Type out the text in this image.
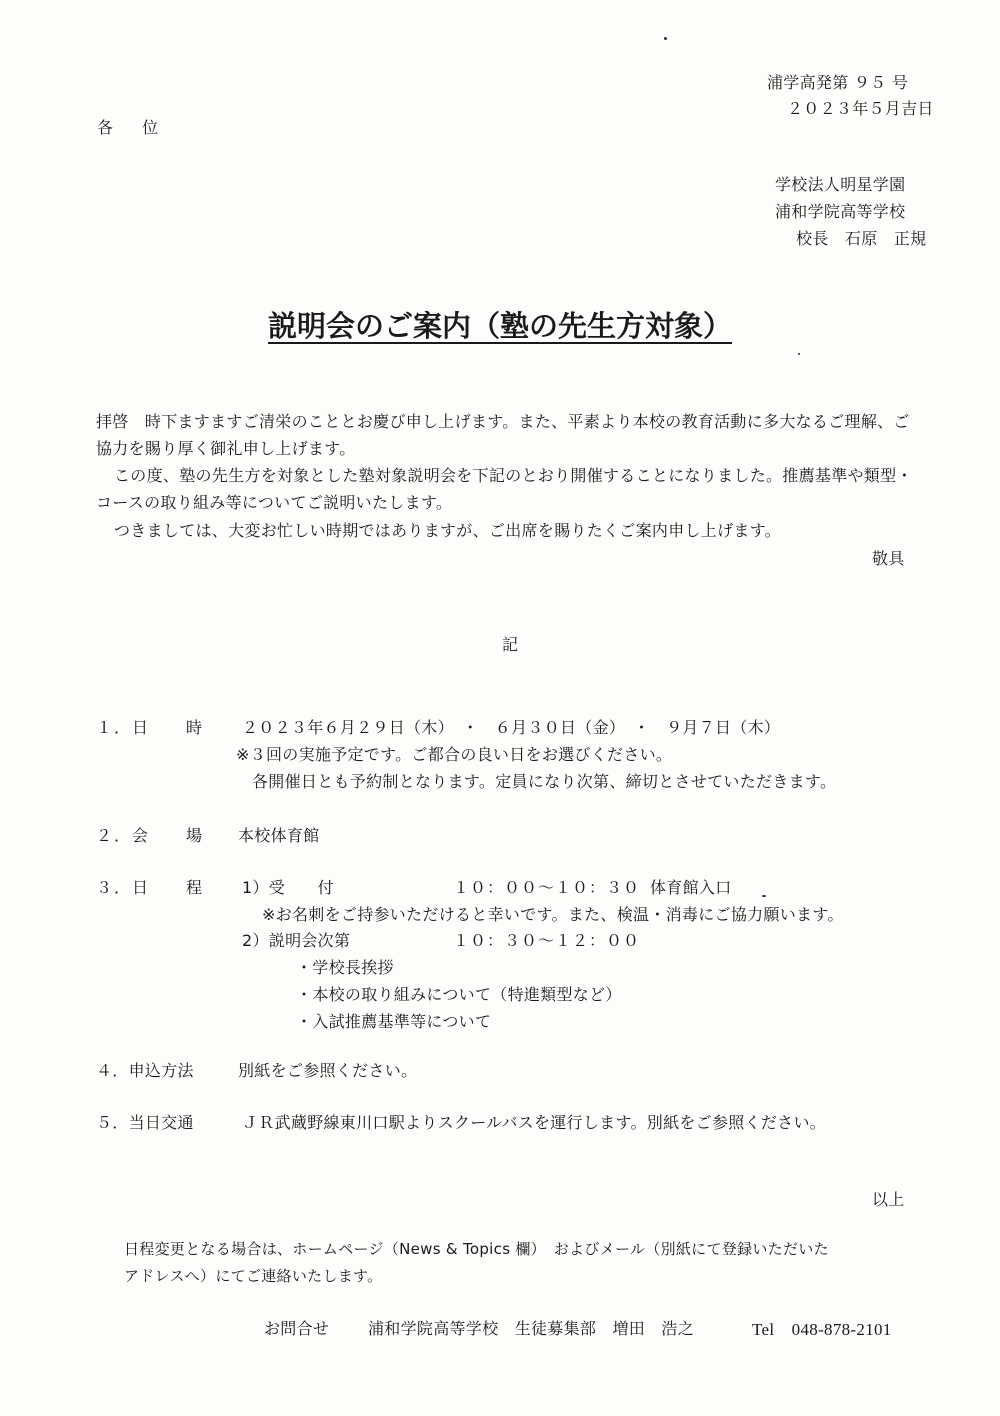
浦学高発第 ９５ 号
２０２３年５月吉日
各 位
学校法人明星学園
浦和学院高等学校
校長　石原　正規
説明会のご案内（塾の先生方対象）
拝啓　時下ますますご清栄のこととお慶び申し上げます。また、平素より本校の教育活動に多大なるご理解、ご
協力を賜り厚く御礼申し上げます。
この度、塾の先生方を対象とした塾対象説明会を下記のとおり開催することになりました。推薦基準や類型・
コースの取り組み等についてご説明いたします。
つきましては、大変お忙しい時期ではありますが、ご出席を賜りたくご案内申し上げます。
敬具
記
１．日　　時 ２０２３年６月２９日（木）　・　６月３０日（金）　・　９月７日（木）
※３回の実施予定です。ご都合の良い日をお選びください。
各開催日とも予約制となります。定員になり次第、締切とさせていただきます。
２．会　　場 本校体育館
３．日　　程 1）受　　付	１０：００〜１０：３０ 体育館入口
※お名刺をご持参いただけると幸いです。また、検温・消毒にご協力願います。
2）説明会次第	１０：３０〜１２：００
・学校長挨拶
・本校の取り組みについて（特進類型など）
・入試推薦基準等について
４．申込方法	別紙をご参照ください。
５．当日交通	ＪＲ武蔵野線東川口駅よりスクールバスを運行します。別紙をご参照ください。
以上
日程変更となる場合は、ホームページ（News & Topics 欄）　およびメール（別紙にて登録いただいた
アドレスへ）にてご連絡いたします。
お問合せ 浦和学院高等学校　生徒募集部　増田　浩之	Tel　048-878-2101
